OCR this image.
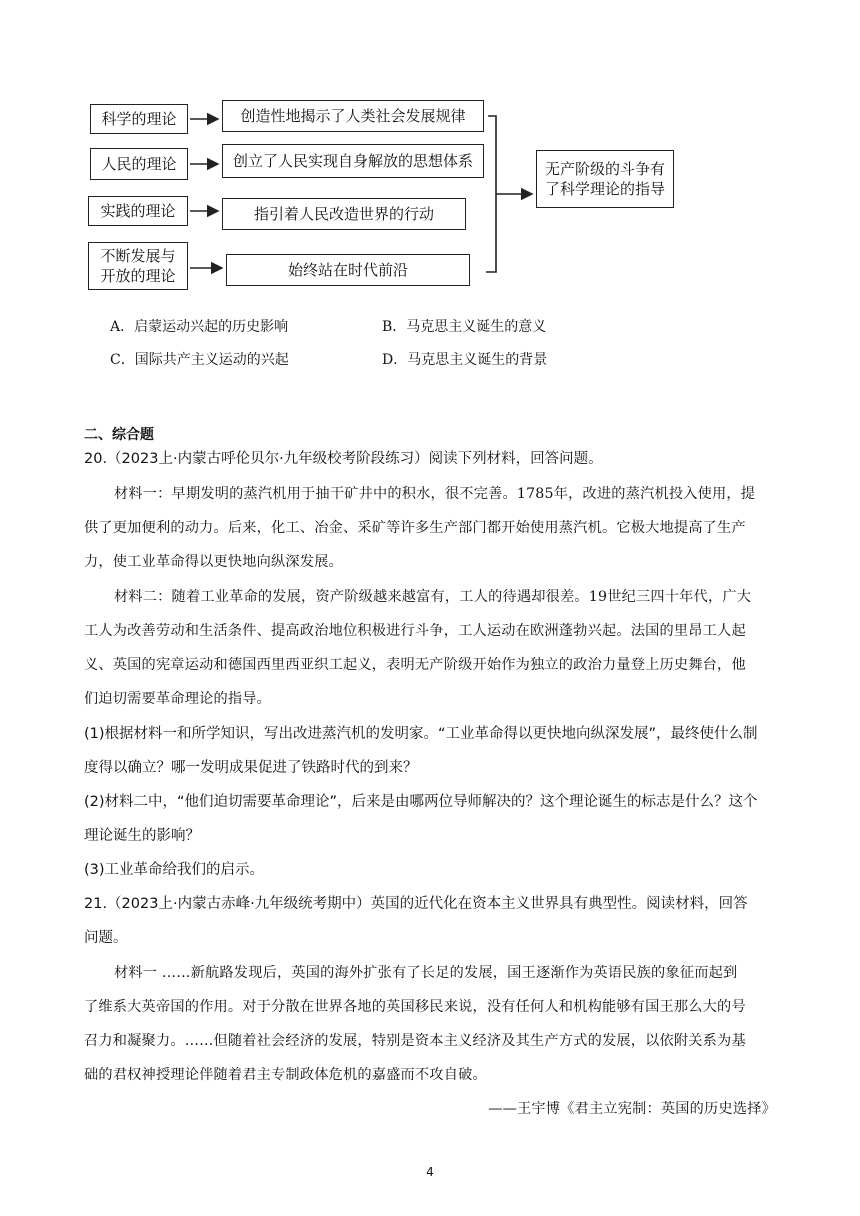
科学的理论
人民的理论
实践的理论
不断发展与
开放的理论
创造性地揭示了人类社会发展规律
创立了人民实现自身解放的思想体系
指引着人民改造世界的行动
始终站在时代前沿
无产阶级的斗争有
了科学理论的指导
A．启蒙运动兴起的历史影响	B．马克思主义诞生的意义
C．国际共产主义运动的兴起	D．马克思主义诞生的背景
二、综合题
20.（2023上·内蒙古呼伦贝尔·九年级校考阶段练习）阅读下列材料，回答问题。
材料一：早期发明的蒸汽机用于抽干矿井中的积水，很不完善。1785年，改进的蒸汽机投入使用，提
供了更加便利的动力。后来，化工、冶金、采矿等许多生产部门都开始使用蒸汽机。它极大地提高了生产
力，使工业革命得以更快地向纵深发展。
材料二：随着工业革命的发展，资产阶级越来越富有，工人的待遇却很差。19世纪三四十年代，广大
工人为改善劳动和生活条件、提高政治地位积极进行斗争，工人运动在欧洲蓬勃兴起。法国的里昂工人起
义、英国的宪章运动和德国西里西亚织工起义，表明无产阶级开始作为独立的政治力量登上历史舞台，他
们迫切需要革命理论的指导。
(1)根据材料一和所学知识，写出改进蒸汽机的发明家。“工业革命得以更快地向纵深发展”，最终使什么制
度得以确立？哪一发明成果促进了铁路时代的到来？
(2)材料二中，“他们迫切需要革命理论”，后来是由哪两位导师解决的？这个理论诞生的标志是什么？这个
理论诞生的影响？
(3)工业革命给我们的启示。
21.（2023上·内蒙古赤峰·九年级统考期中）英国的近代化在资本主义世界具有典型性。阅读材料，回答
问题。
材料一 ……新航路发现后，英国的海外扩张有了长足的发展，国王逐渐作为英语民族的象征而起到
了维系大英帝国的作用。对于分散在世界各地的英国移民来说，没有任何人和机构能够有国王那么大的号
召力和凝聚力。……但随着社会经济的发展，特别是资本主义经济及其生产方式的发展，以依附关系为基
础的君权神授理论伴随着君主专制政体危机的嘉盛而不攻自破。
——王宇博《君主立宪制：英国的历史选择》
4
